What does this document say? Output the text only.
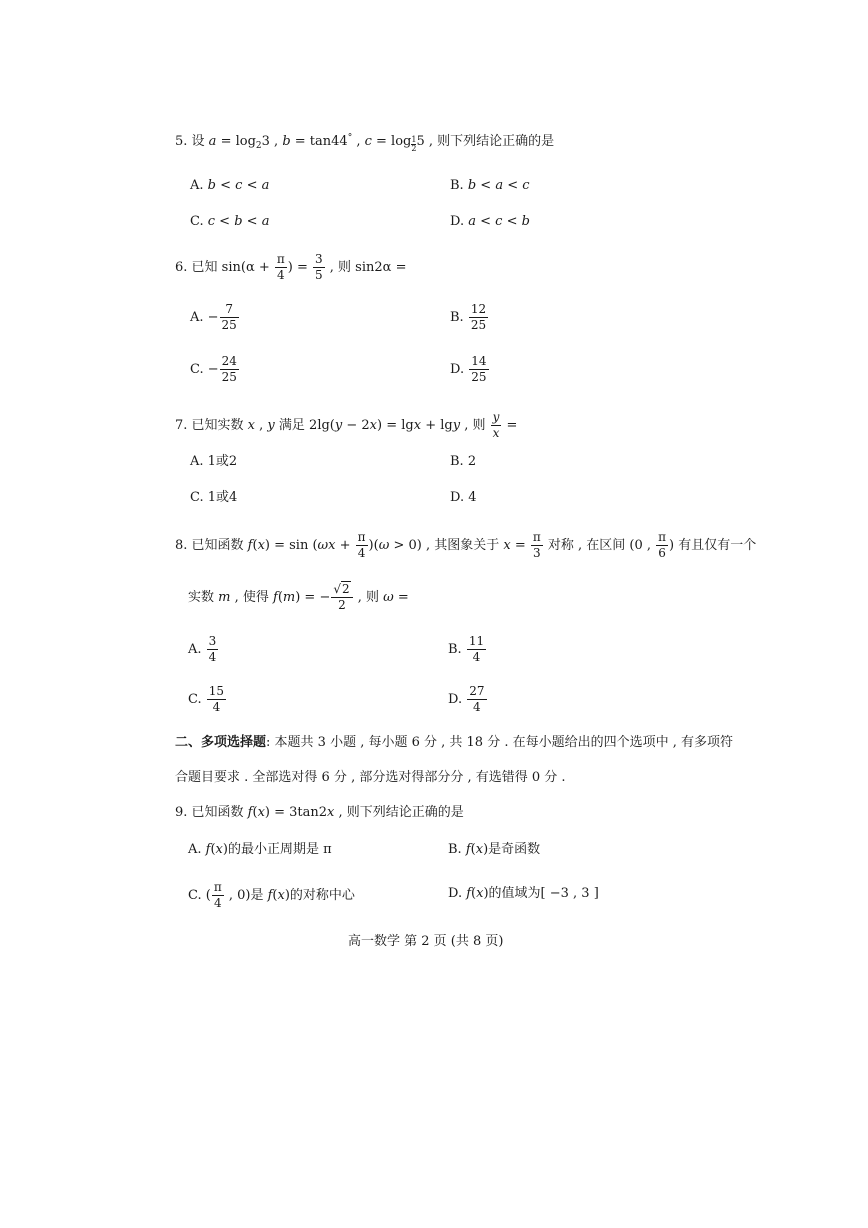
5. 设 $a = \log_23$ , b = tan44° , $c = \log \frac{1}{2} 5$ , 则下列结论正确的是
A. b < c < a	B. b < a < c
C. c < b < a	D. a < c < b
6. 已知 $\sin(\alpha + \frac{\pi}{4}$ ) = $\frac{3}{5}$ , 则 sin2α =
A. − $\frac{7}{25}$	B. $\frac{12}{25}$
C. − $\frac{24}{25}$	D. $\frac{14}{25}$
7. 已知实数 x , y 满足 2lg(y − 2x) = lgx + lgy , 则 $\frac{y}{x}$ =
A. 1或2	B. 2
C. 1或4	D. 4
8. 已知函数 $f(x) = \sin (\omega x + \frac{\pi}{4} )(\omega > 0)$ , 其图象关于 $x = \frac{\pi}{3}$ 对称 , 在区间 (0 , $\frac{\pi}{6}$ ) 有且仅有一个
实数 m , 使得 f(m) = − $\frac{√2}{2}$ , 则 ω =
A. $\frac{3}{4}$	B. $\frac{11}{4}$
C. $\frac{15}{4}$	D. $\frac{27}{4}$
二、多项选择题: 本题共 3 小题 , 每小题 6 分 , 共 18 分 . 在每小题给出的四个选项中 , 有多项符
合题目要求 . 全部选对得 6 分 , 部分选对得部分分 , 有选错得 0 分 .
9. 已知函数 f(x) = 3tan2x , 则下列结论正确的是
A. f(x)的最小正周期是 π	B. f(x)是奇函数
C. ( $\frac{\pi}{4}$ , 0)是 f(x)的对称中心	D. f(x)的值域为[ −3 , 3 ]
高一数学 第 2 页 (共 8 页)
